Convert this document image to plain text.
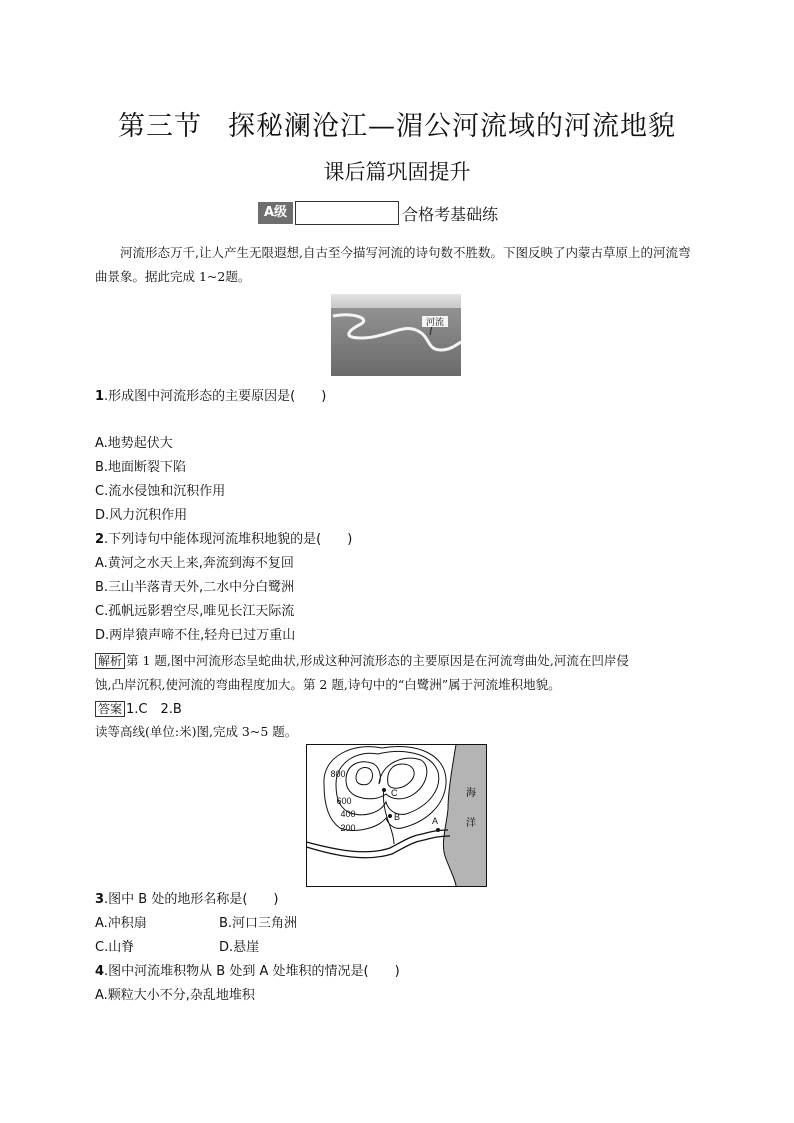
第三节 探秘澜沧江—湄公河流域的河流地貌
课后篇巩固提升
A级	合格考基础练

河流形态万千,让人产生无限遐想,自古至今描写河流的诗句数不胜数。下图反映了内蒙古草原上的河流弯曲景象。据此完成 1~2题。

河流
1.形成图中河流形态的主要原因是(　　)
A.地势起伏大
B.地面断裂下陷
C.流水侵蚀和沉积作用
D.风力沉积作用
2.下列诗句中能体现河流堆积地貌的是(　　)
A.黄河之水天上来,奔流到海不复回
B.三山半落青天外,二水中分白鹭洲
C.孤帆远影碧空尽,唯见长江天际流
D.两岸猿声啼不住,轻舟已过万重山
解析 第 1 题,图中河流形态呈蛇曲状,形成这种河流形态的主要原因是在河流弯曲处,河流在凹岸侵
蚀,凸岸沉积,使河流的弯曲程度加大。第 2 题,诗句中的“白鹭洲”属于河流堆积地貌。
答案 1.C　2.B
读等高线(单位:米)图,完成 3~5 题。
海
洋
800
600
400
200
C
B	A
3.图中 B 处的地形名称是(　　)
A.冲积扇	B.河口三角洲
C.山脊	D.悬崖
4.图中河流堆积物从 B 处到 A 处堆积的情况是(　　)
A.颗粒大小不分,杂乱地堆积
